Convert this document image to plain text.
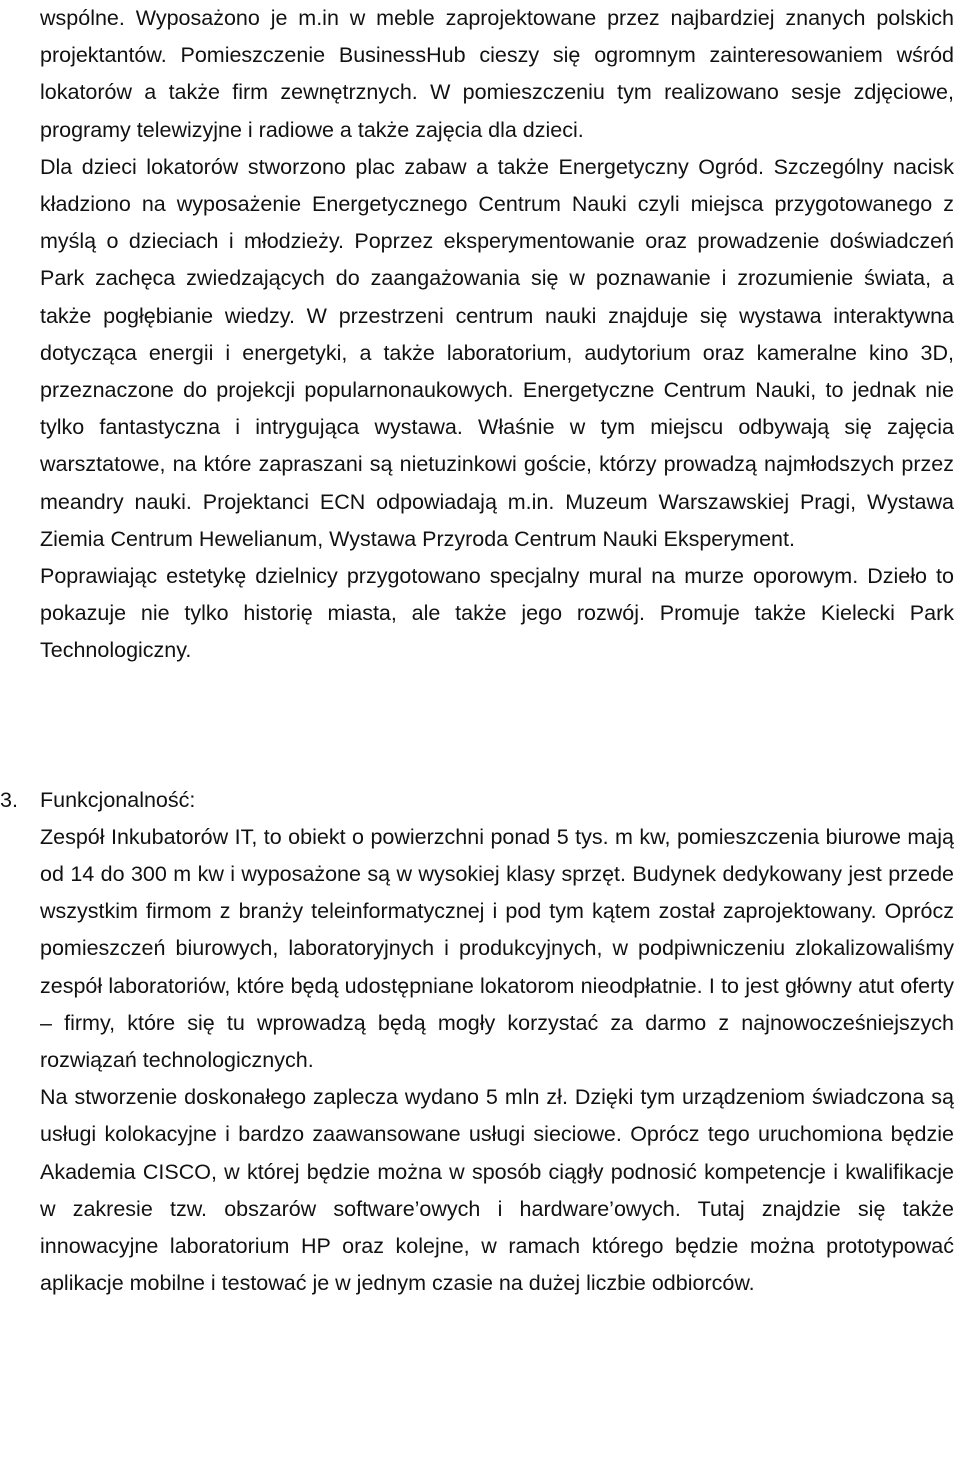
wspólne. Wyposażono je m.in w meble zaprojektowane przez najbardziej znanych polskich projektantów. Pomieszczenie BusinessHub cieszy się ogromnym zainteresowaniem wśród lokatorów a także firm zewnętrznych. W pomieszczeniu tym realizowano sesje zdjęciowe, programy telewizyjne i radiowe a także zajęcia dla dzieci.

Dla dzieci lokatorów stworzono plac zabaw a także Energetyczny Ogród. Szczególny nacisk kładziono na wyposażenie Energetycznego Centrum Nauki czyli miejsca przygotowanego z myślą o dzieciach i młodzieży. Poprzez eksperymentowanie oraz prowadzenie doświadczeń Park zachęca zwiedzających do zaangażowania się w poznawanie i zrozumienie świata, a także pogłębianie wiedzy. W przestrzeni centrum nauki znajduje się wystawa interaktywna dotycząca energii i energetyki, a także laboratorium, audytorium oraz kameralne kino 3D, przeznaczone do projekcji popularnonaukowych. Energetyczne Centrum Nauki, to jednak nie tylko fantastyczna i intrygująca wystawa. Właśnie w tym miejscu odbywają się zajęcia warsztatowe, na które zapraszani są nietuzinkowi goście, którzy prowadzą najmłodszych przez meandry nauki. Projektanci ECN odpowiadają m.in. Muzeum Warszawskiej Pragi, Wystawa Ziemia Centrum Hewelianum, Wystawa Przyroda Centrum Nauki Eksperyment.

Poprawiając estetykę dzielnicy przygotowano specjalny mural na murze oporowym. Dzieło to pokazuje nie tylko historię miasta, ale także jego rozwój. Promuje także Kielecki Park Technologiczny.

3.	Funkcjonalność:

Zespół Inkubatorów IT, to obiekt o powierzchni ponad 5 tys. m kw, pomieszczenia biurowe mają od 14 do 300 m kw i wyposażone są w wysokiej klasy sprzęt. Budynek dedykowany jest przede wszystkim firmom z branży teleinformatycznej i pod tym kątem został zaprojektowany. Oprócz pomieszczeń biurowych, laboratoryjnych i produkcyjnych, w podpiwniczeniu zlokalizowaliśmy zespół laboratoriów, które będą udostępniane lokatorom nieodpłatnie. I to jest główny atut oferty – firmy, które się tu wprowadzą będą mogły korzystać za darmo z najnowocześniejszych rozwiązań technologicznych.

Na stworzenie doskonałego zaplecza wydano 5 mln zł. Dzięki tym urządzeniom świadczona są usługi kolokacyjne i bardzo zaawansowane usługi sieciowe. Oprócz tego uruchomiona będzie Akademia CISCO, w której będzie można w sposób ciągły podnosić kompetencje i kwalifikacje w zakresie tzw. obszarów software’owych i hardware’owych. Tutaj znajdzie się także innowacyjne laboratorium HP oraz kolejne, w ramach którego będzie można prototypować aplikacje mobilne i testować je w jednym czasie na dużej liczbie odbiorców.
